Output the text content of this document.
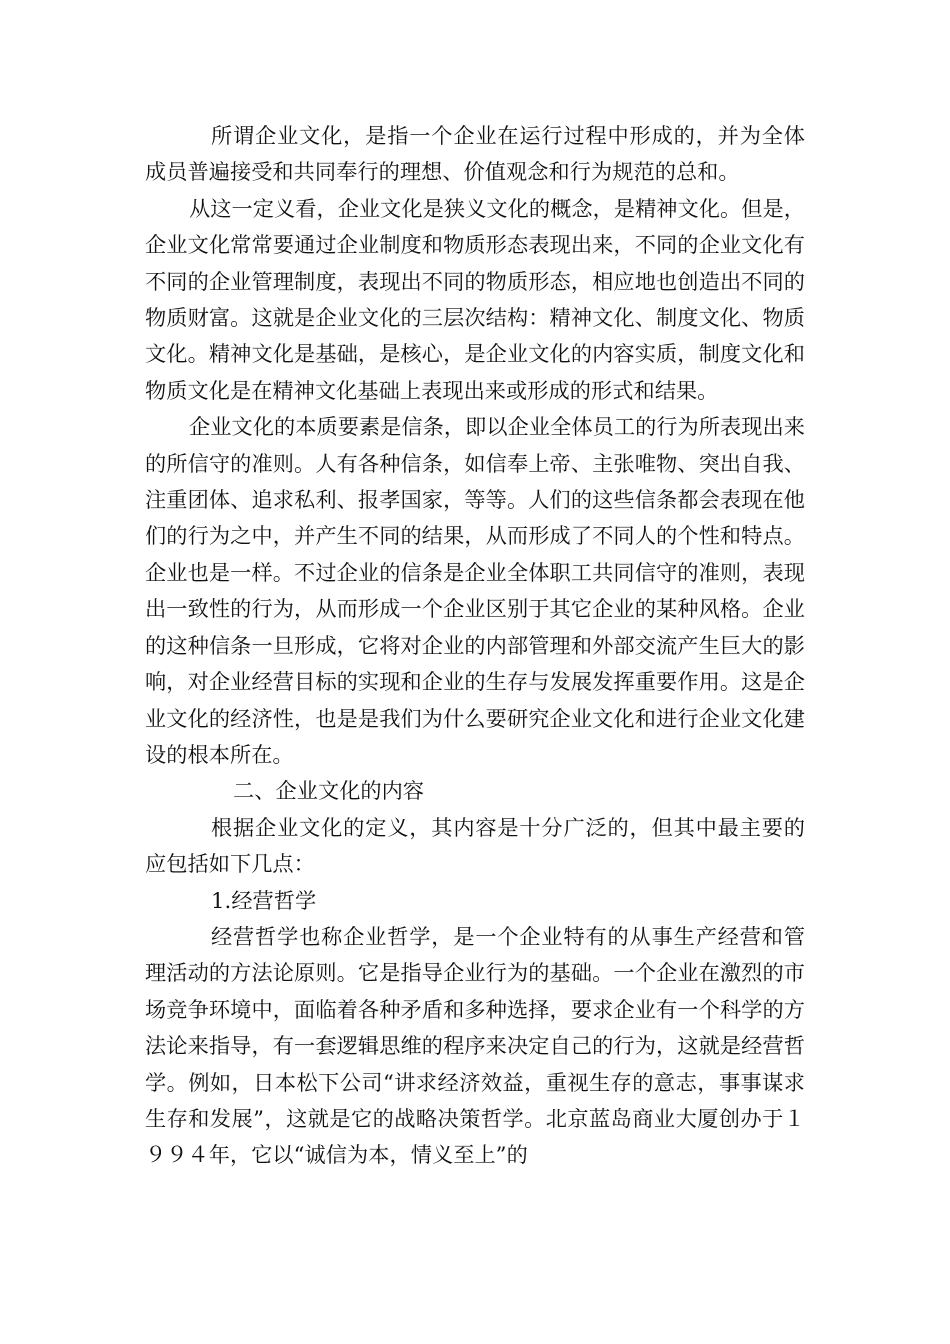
所谓企业文化，是指一个企业在运行过程中形成的，并为全体成员普遍接受和共同奉行的理想、价值观念和行为规范的总和。

从这一定义看，企业文化是狭义文化的概念，是精神文化。但是，企业文化常常要通过企业制度和物质形态表现出来，不同的企业文化有不同的企业管理制度，表现出不同的物质形态，相应地也创造出不同的物质财富。这就是企业文化的三层次结构：精神文化、制度文化、物质文化。精神文化是基础，是核心，是企业文化的内容实质，制度文化和物质文化是在精神文化基础上表现出来或形成的形式和结果。

企业文化的本质要素是信条，即以企业全体员工的行为所表现出来的所信守的准则。人有各种信条，如信奉上帝、主张唯物、突出自我、注重团体、追求私利、报孝国家，等等。人们的这些信条都会表现在他们的行为之中，并产生不同的结果，从而形成了不同人的个性和特点。企业也是一样。不过企业的信条是企业全体职工共同信守的准则，表现出一致性的行为，从而形成一个企业区别于其它企业的某种风格。企业的这种信条一旦形成，它将对企业的内部管理和外部交流产生巨大的影响，对企业经营目标的实现和企业的生存与发展发挥重要作用。这是企业文化的经济性，也是是我们为什么要研究企业文化和进行企业文化建设的根本所在。

二、企业文化的内容

根据企业文化的定义，其内容是十分广泛的，但其中最主要的应包括如下几点：

1.经营哲学

经营哲学也称企业哲学，是一个企业特有的从事生产经营和管理活动的方法论原则。它是指导企业行为的基础。一个企业在激烈的市场竞争环境中，面临着各种矛盾和多种选择，要求企业有一个科学的方法论来指导，有一套逻辑思维的程序来决定自己的行为，这就是经营哲学。例如，日本松下公司“讲求经济效益，重视生存的意志，事事谋求生存和发展”，这就是它的战略决策哲学。北京蓝岛商业大厦创办于１９９４年，它以“诚信为本，情义至上”的
